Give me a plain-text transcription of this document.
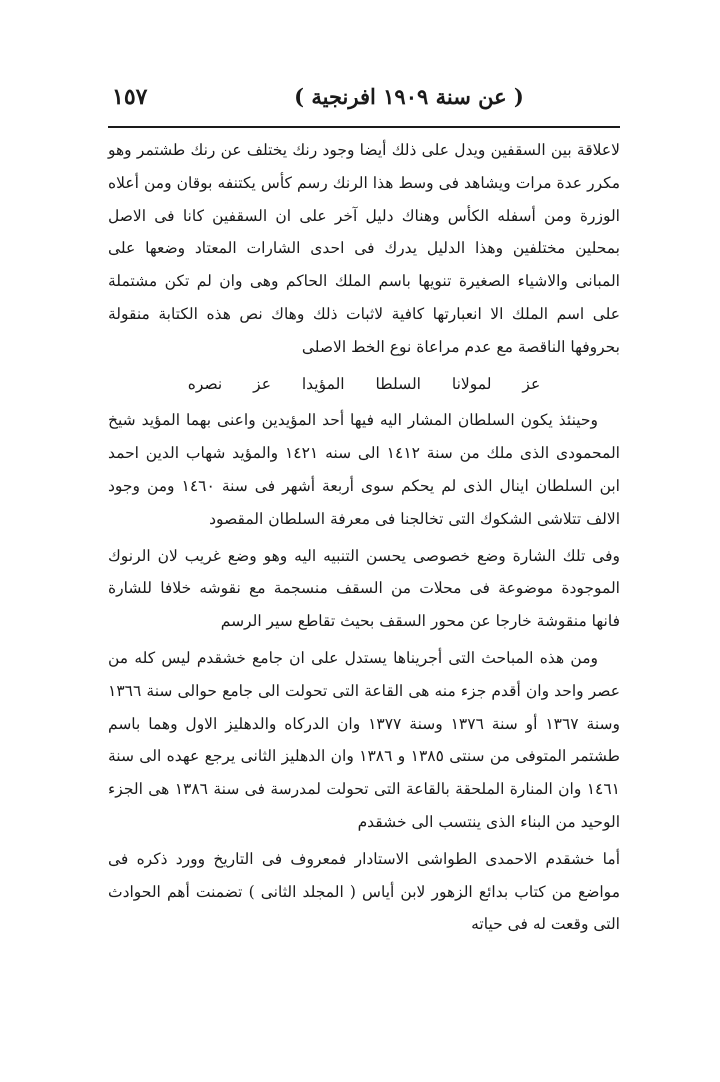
( عن سنة ١٩٠٩ افرنجية )
١٥٧

لاعلاقة بين السقفين ويدل على ذلك أيضا وجود رنك يختلف عن رنك طشتمر وهو مكرر عدة مرات ويشاهد فى وسط هذا الرنك رسم كأس يكتنفه بوقان ومن أعلاه الوزرة ومن أسفله الكأس وهناك دليل آخر على ان السقفين كانا فى الاصل بمحلين مختلفين وهذا الدليل يدرك فى احدى الشارات المعتاد وضعها على المبانى والاشياء الصغيرة تنويها باسم الملك الحاكم وهى وان لم تكن مشتملة على اسم الملك الا انعبارتها كافية لاثبات ذلك وهاك نص هذه الكتابة منقولة بحروفها الناقصة مع عدم مراعاة نوع الخط الاصلى

عز لمولانا السلطا المؤيدا عز نصره

وحينئذ يكون السلطان المشار اليه فيها أحد المؤيدين واعنى بهما المؤيد شيخ المحمودى الذى ملك من سنة ١٤١٢ الى سنه ١٤٢١ والمؤيد شهاب الدين احمد ابن السلطان اينال الذى لم يحكم سوى أربعة أشهر فى سنة ١٤٦٠ ومن وجود الالف تتلاشى الشكوك التى تخالجنا فى معرفة السلطان المقصود

وفى تلك الشارة وضع خصوصى يحسن التنبيه اليه وهو وضع غريب لان الرنوك الموجودة موضوعة فى محلات من السقف منسجمة مع نقوشه خلافا للشارة فانها منقوشة خارجا عن محور السقف بحيث تقاطع سير الرسم

ومن هذه المباحث التى أجريناها يستدل على ان جامع خشقدم ليس كله من عصر واحد وان أقدم جزء منه هى القاعة التى تحولت الى جامع حوالى سنة ١٣٦٦ وسنة ١٣٦٧ أو سنة ١٣٧٦ وسنة ١٣٧٧ وان الدركاه والدهليز الاول وهما باسم طشتمر المتوفى من سنتى ١٣٨٥ و ١٣٨٦ وان الدهليز الثانى يرجع عهده الى سنة ١٤٦١ وان المنارة الملحقة بالقاعة التى تحولت لمدرسة فى سنة ١٣٨٦ هى الجزء الوحيد من البناء الذى ينتسب الى خشقدم

أما خشقدم الاحمدى الطواشى الاستادار فمعروف فى التاريخ وورد ذكره فى مواضع من كتاب بدائع الزهور لابن أياس ( المجلد الثانى ) تضمنت أهم الحوادث التى وقعت له فى حياته
